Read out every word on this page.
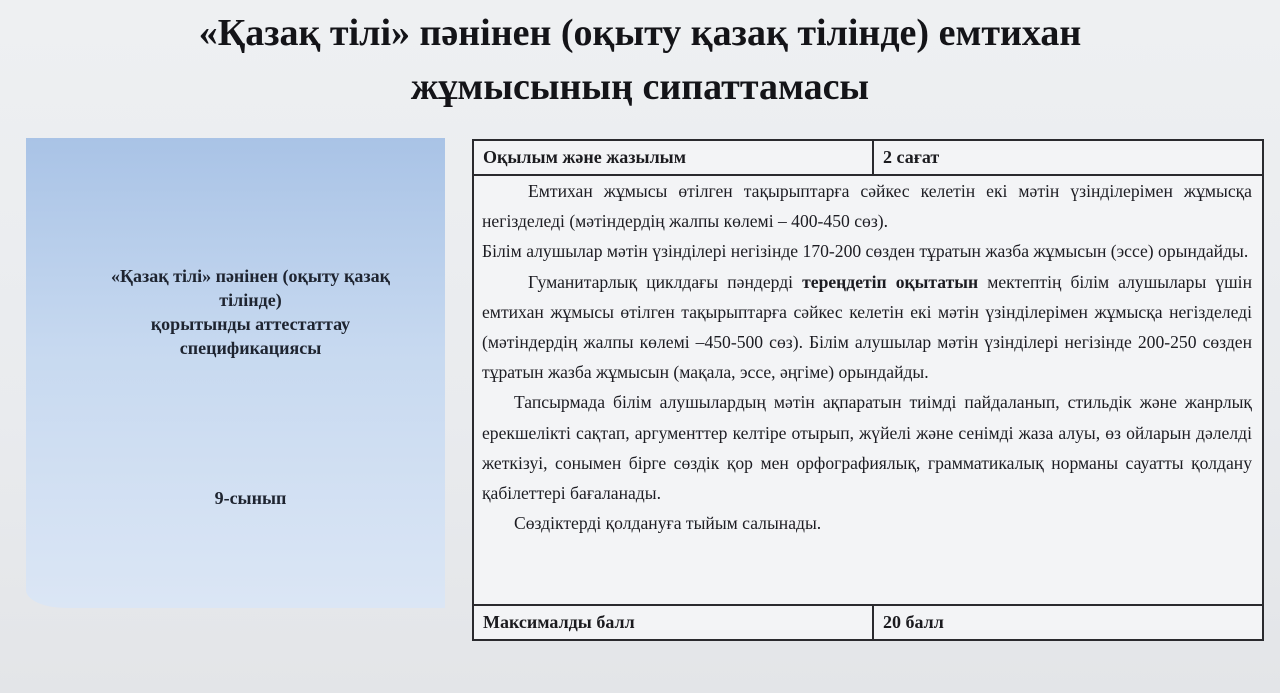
«Қазақ тілі» пәнінен (оқыту қазақ тілінде) емтихан
жұмысының сипаттамасы
«Қазақ тілі» пәнінен (оқыту қазақ
тілінде)
қорытынды аттестаттау
спецификациясы
9-сынып
Оқылым және жазылым	2 сағат

Емтихан жұмысы өтілген тақырыптарға сәйкес келетін екі мәтін үзінділерімен жұмысқа негізделеді (мәтіндердің жалпы көлемі – 400-450 сөз).

Білім алушылар мәтін үзінділері негізінде 170-200 сөзден тұратын жазба жұмысын (эссе) орындайды.

Гуманитарлық циклдағы пәндерді тереңдетіп оқытатын мектептің білім алушылары үшін емтихан жұмысы өтілген тақырыптарға сәйкес келетін екі мәтін үзінділерімен жұмысқа негізделеді (мәтіндердің жалпы көлемі –450-500 сөз). Білім алушылар мәтін үзінділері негізінде 200-250 сөзден тұратын жазба жұмысын (мақала, эссе, әңгіме) орындайды.

Тапсырмада білім алушылардың мәтін ақпаратын тиімді пайдаланып, стильдік және жанрлық ерекшелікті сақтап, аргументтер келтіре отырып, жүйелі және сенімді жаза алуы, өз ойларын дәлелді жеткізуі, сонымен бірге сөздік қор мен орфографиялық, грамматикалық норманы сауатты қолдану қабілеттері бағаланады.

Сөздіктерді қолдануға тыйым салынады.

Максималды балл	20 балл
